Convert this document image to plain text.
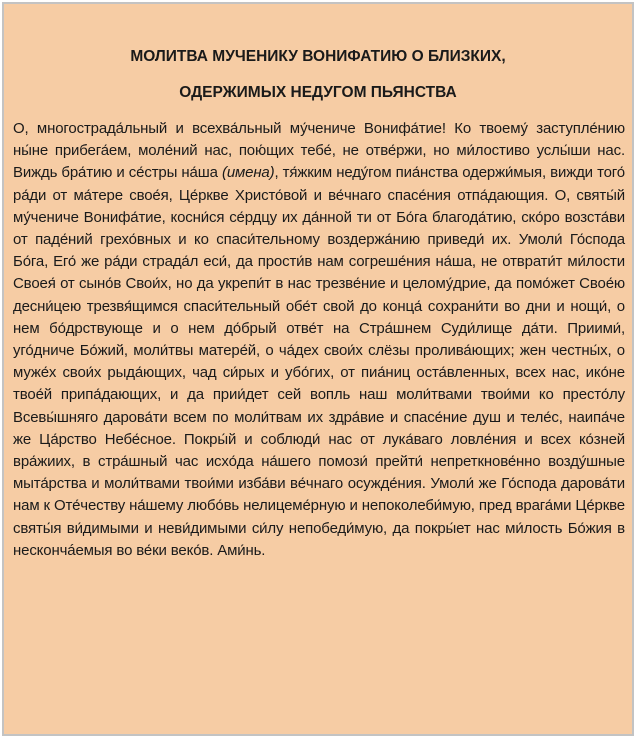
МОЛИТВА МУЧЕНИКУ ВОНИФАТИЮ О БЛИЗКИХ,
ОДЕРЖИМЫХ НЕДУГОМ ПЬЯНСТВА

О, многострада́льный и всехва́льный му́чениче Вонифа́тие! Ко твоему́ заступле́нию ны́не прибега́ем, моле́ний нас, пою́щих тебе́, не отве́ржи, но ми́лостиво услы́ши нас. Виждь бра́тию и се́стры на́ша (имена), тя́жким неду́гом пиа́нства одержи́мыя, вижди того́ ра́ди от ма́тере свое́я, Це́ркве Христо́вой и ве́чнаго спасе́ния отпа́дающия. О, святы́й му́чениче Вонифа́тие, косни́ся се́рдцу их да́нной ти от Бо́га благода́тию, ско́ро возста́ви от паде́ний грехо́вных и ко спаси́тельному воздержа́нию приведи́ их. Умоли́ Го́спода Бо́га, Его́ же ра́ди страда́л еси́, да прости́в нам согреше́ния на́ша, не отврати́т ми́лости Своея́ от сыно́в Свои́х, но да укрепи́т в нас трезве́ние и целому́дрие, да помо́жет Свое́ю десни́цею трезвя́щимся спаси́тельный обе́т свой до конца́ сохрани́ти во дни и нощи́, о нем бо́дрствующе и о нем до́брый отве́т на Стра́шнем Суди́лище да́ти. Приими́, уго́дниче Бо́жий, моли́твы матере́й, о ча́дех свои́х слёзы пролива́ющих; жен честны́х, о муже́х свои́х рыда́ющих, чад си́рых и убо́гих, от пиа́ниц оста́вленных, всех нас, ико́не твое́й припа́дающих, и да прии́дет сей вопль наш моли́твами твои́ми ко престо́лу Всевы́шняго дарова́ти всем по моли́твам их здра́вие и спасе́ние душ и теле́с, наипа́че же Ца́рство Небе́сное. Покры́й и соблюди́ нас от лука́ваго ловле́ния и всех ко́зней вра́жиих, в стра́шный час исхо́да на́шего помози́ прейти́ непреткнове́нно возду́шные мыта́рства и моли́твами твои́ми изба́ви ве́чнаго осужде́ния. Умоли́ же Го́спода дарова́ти нам к Оте́честву на́шему любо́вь нелицеме́рную и непоколеби́мую, пред врага́ми Це́ркве святы́я ви́димыми и неви́димыми си́лу непобеди́мую, да покры́ет нас ми́лость Бо́жия в нескончáемыя во ве́ки веко́в. Ами́нь.
